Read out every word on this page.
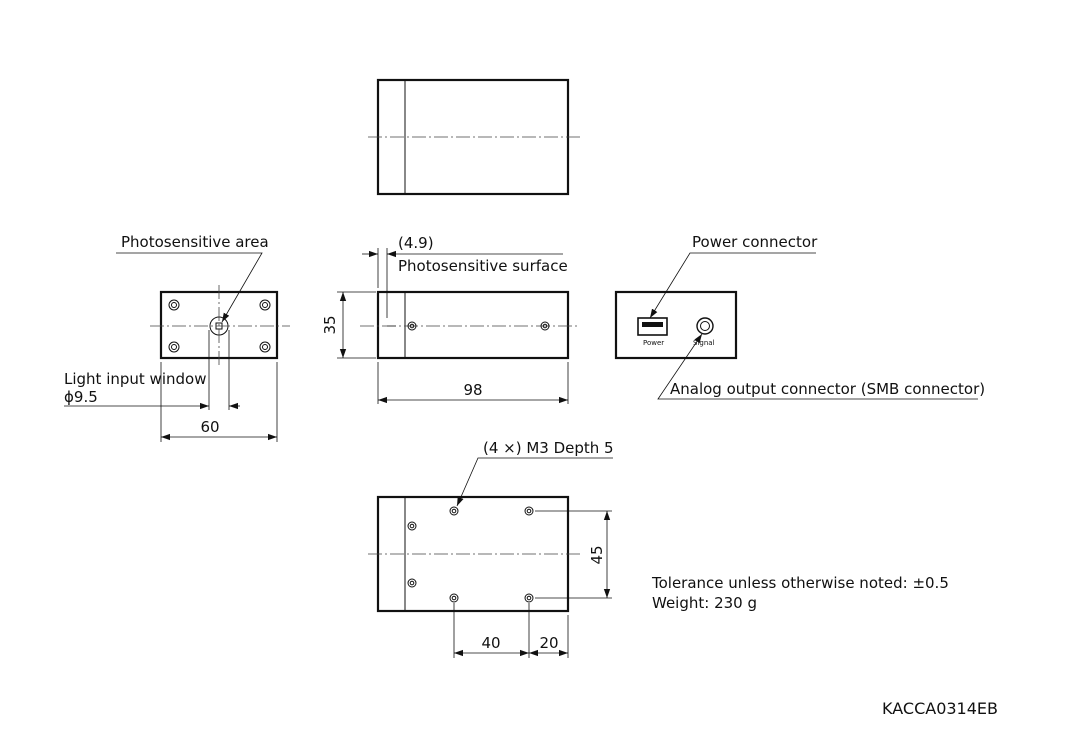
Photosensitive area
Light input window
ϕ9.5
60
(4.9)
Photosensitive surface
35
98
Power	Signal
Power connector
Analog output connector (SMB connector)
(4 ×) M3 Depth 5
45
40	20
Tolerance unless otherwise noted: ±0.5
Weight: 230 g
KACCA0314EB
